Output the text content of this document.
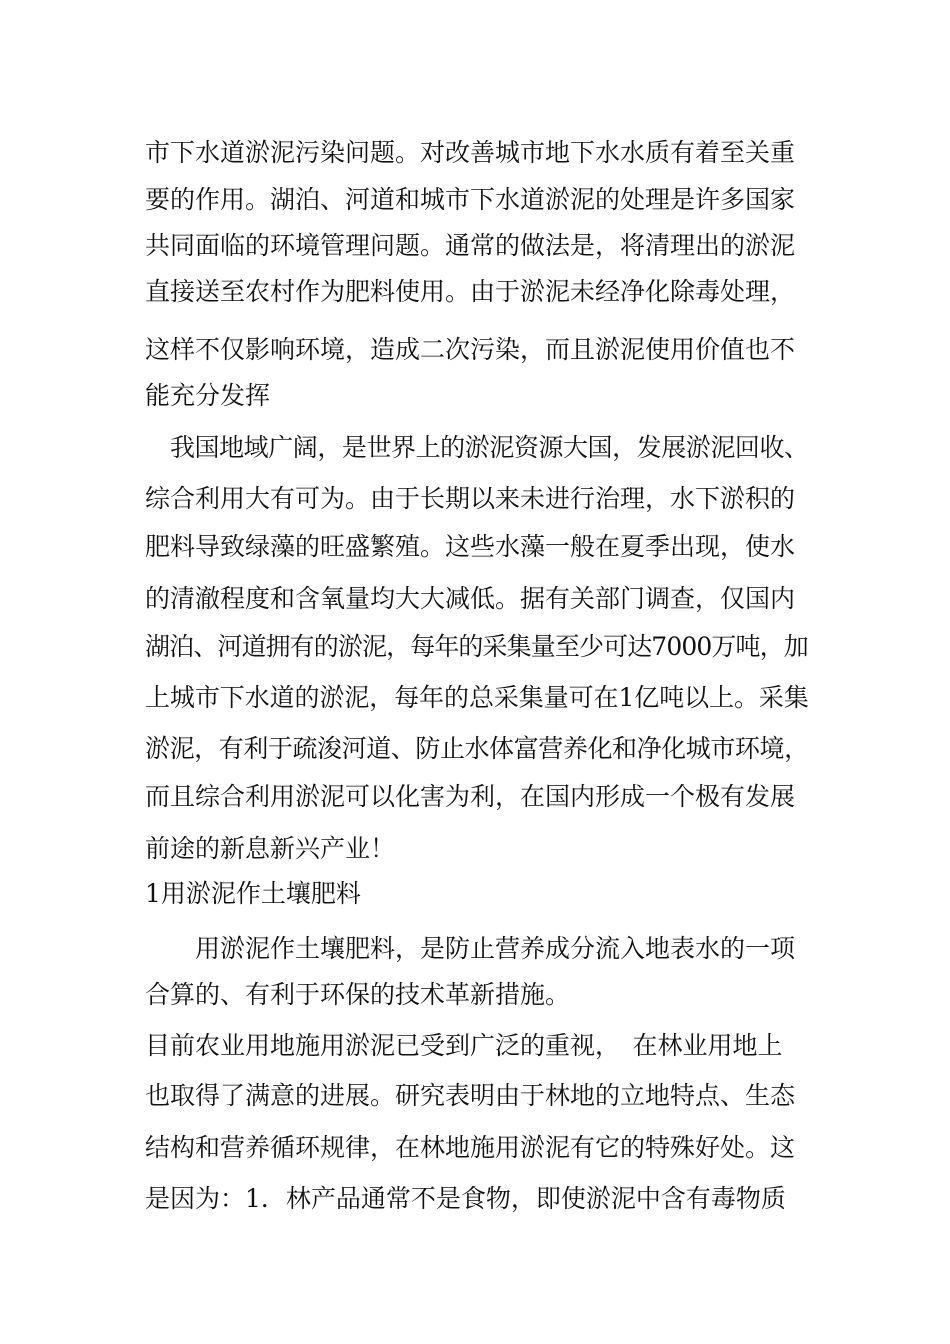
市下水道淤泥污染问题。对改善城市地下水水质有着至关重

要的作用。湖泊、河道和城市下水道淤泥的处理是许多国家

共同面临的环境管理问题。通常的做法是，将清理出的淤泥

直接送至农村作为肥料使用。由于淤泥未经净化除毒处理，

这样不仅影响环境，造成二次污染，而且淤泥使用价值也不

能充分发挥

我国地域广阔，是世界上的淤泥资源大国，发展淤泥回收、

综合利用大有可为。由于长期以来未进行治理，水下淤积的

肥料导致绿藻的旺盛繁殖。这些水藻一般在夏季出现，使水

的清澈程度和含氧量均大大减低。据有关部门调查，仅国内

湖泊、河道拥有的淤泥，每年的采集量至少可达7000万吨，加

上城市下水道的淤泥，每年的总采集量可在1亿吨以上。采集

淤泥，有利于疏浚河道、防止水体富营养化和净化城市环境，

而且综合利用淤泥可以化害为利，在国内形成一个极有发展

前途的新息新兴产业！

1用淤泥作土壤肥料

用淤泥作土壤肥料，是防止营养成分流入地表水的一项

合算的、有利于环保的技术革新措施。

目前农业用地施用淤泥已受到广泛的重视，　在林业用地上

也取得了满意的进展。研究表明由于林地的立地特点、生态

结构和营养循环规律，在林地施用淤泥有它的特殊好处。这

是因为：1．林产品通常不是食物，即使淤泥中含有毒物质
